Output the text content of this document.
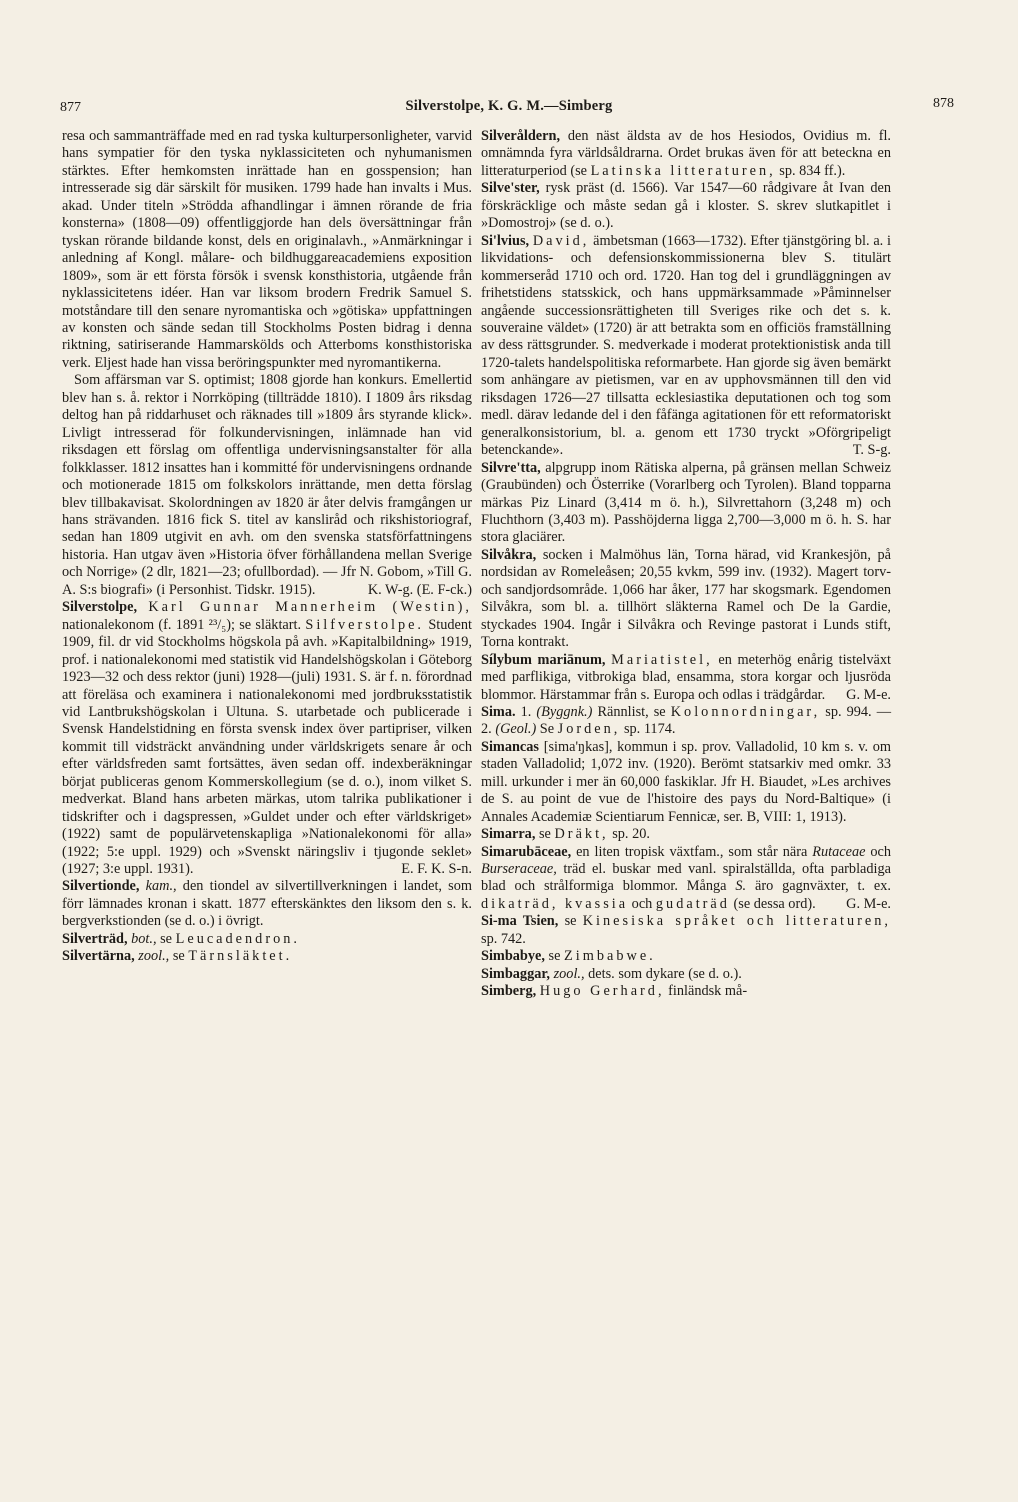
877	Silverstolpe, K. G. M.—Simberg	878

resa och sammanträffade med en rad tyska kulturpersonligheter, varvid hans sympatier för den tyska nyklassiciteten och nyhumanismen stärktes. Efter hemkomsten inrättade han en gosspension; han intresserade sig där särskilt för musiken. 1799 hade han invalts i Mus. akad. Under titeln »Strödda afhandlingar i ämnen rörande de fria konsterna» (1808—09) offentliggjorde han dels översättningar från tyskan rörande bildande konst, dels en originalavh., »Anmärkningar i anledning af Kongl. målare- och bildhuggareacademiens exposition 1809», som är ett första försök i svensk konsthistoria, utgående från nyklassicitetens idéer. Han var liksom brodern Fredrik Samuel S. motståndare till den senare nyromantiska och »götiska» uppfattningen av konsten och sände sedan till Stockholms Posten bidrag i denna riktning, satiriserande Hammarskölds och Atterboms konsthistoriska verk. Eljest hade han vissa beröringspunkter med nyromantikerna.

Som affärsman var S. optimist; 1808 gjorde han konkurs. Emellertid blev han s. å. rektor i Norrköping (tillträdde 1810). I 1809 års riksdag deltog han på riddarhuset och räknades till »1809 års styrande klick». Livligt intresserad för folkundervisningen, inlämnade han vid riksdagen ett förslag om offentliga undervisningsanstalter för alla folkklasser. 1812 insattes han i kommitté för undervisningens ordnande och motionerade 1815 om folkskolors inrättande, men detta förslag blev tillbakavisat. Skolordningen av 1820 är åter delvis framgången ur hans strävanden. 1816 fick S. titel av kansliråd och rikshistoriograf, sedan han 1809 utgivit en avh. om den svenska statsförfattningens historia. Han utgav även »Historia öfver förhållandena mellan Sverige och Norrige» (2 dlr, 1821—23; ofullbordad). — Jfr N. Gobom, »Till G. A. S:s biografi» (i Personhist. Tidskr. 1915).	K. W-g. (E. F-ck.)

Silverstolpe, Karl Gunnar Mannerheim (Westin), nationalekonom (f. 1891 ²³/₅); se släktart. Silfverstolpe. Student 1909, fil. dr vid Stockholms högskola på avh. »Kapitalbildning» 1919, prof. i nationalekonomi med statistik vid Handelshögskolan i Göteborg 1923—32 och dess rektor (juni) 1928—(juli) 1931. S. är f. n. förordnad att föreläsa och examinera i nationalekonomi med jordbruksstatistik vid Lantbrukshögskolan i Ultuna. S. utarbetade och publicerade i Svensk Handelstidning en första svensk index över partipriser, vilken kommit till vidsträckt användning under världskrigets senare år och efter världsfreden samt fortsättes, även sedan off. indexberäkningar börjat publiceras genom Kommerskollegium (se d. o.), inom vilket S. medverkat. Bland hans arbeten märkas, utom talrika publikationer i tidskrifter och i dagspressen, »Guldet under och efter världskriget» (1922) samt de populärvetenskapliga »Nationalekonomi för alla» (1922; 5:e uppl. 1929) och »Svenskt näringsliv i tjugonde seklet» (1927; 3:e uppl. 1931).	E. F. K. S-n.

Silvertionde, kam., den tiondel av silvertillverkningen i landet, som förr lämnades kronan i skatt. 1877 efterskänktes den liksom den s. k. bergverkstionden (se d. o.) i övrigt.

Silverträd, bot., se Leucadendron.

Silvertärna, zool., se Tärnsläktet.

Silveråldern, den näst äldsta av de hos Hesiodos, Ovidius m. fl. omnämnda fyra världsåldrarna. Ordet brukas även för att beteckna en litteraturperiod (se Latinska litteraturen, sp. 834 ff.).

Silve'ster, rysk präst (d. 1566). Var 1547—60 rådgivare åt Ivan den förskräcklige och måste sedan gå i kloster. S. skrev slutkapitlet i »Domostroj» (se d. o.).

Si'lvius, David, ämbetsman (1663—1732). Efter tjänstgöring bl. a. i likvidations- och defensionskommissionerna blev S. titulärt kommerseråd 1710 och ord. 1720. Han tog del i grundläggningen av frihetstidens statsskick, och hans uppmärksammade »Påminnelser angående successionsrättigheten till Sveriges rike och det s. k. souveraine väldet» (1720) är att betrakta som en officiös framställning av dess rättsgrunder. S. medverkade i moderat protektionistisk anda till 1720-talets handelspolitiska reformarbete. Han gjorde sig även bemärkt som anhängare av pietismen, var en av upphovsmännen till den vid riksdagen 1726—27 tillsatta ecklesiastika deputationen och tog som medl. därav ledande del i den fåfänga agitationen för ett reformatoriskt generalkonsistorium, bl. a. genom ett 1730 tryckt »Oförgripeligt betenckande».	T. S-g.

Silvre'tta, alpgrupp inom Rätiska alperna, på gränsen mellan Schweiz (Graubünden) och Österrike (Vorarlberg och Tyrolen). Bland topparna märkas Piz Linard (3,414 m ö. h.), Silvrettahorn (3,248 m) och Fluchthorn (3,403 m). Passhöjderna ligga 2,700—3,000 m ö. h. S. har stora glaciärer.

Silvåkra, socken i Malmöhus län, Torna härad, vid Krankesjön, på nordsidan av Romeleåsen; 20,55 kvkm, 599 inv. (1932). Magert torv- och sandjordsområde. 1,066 har åker, 177 har skogsmark. Egendomen Silvåkra, som bl. a. tillhört släkterna Ramel och De la Gardie, styckades 1904. Ingår i Silvåkra och Revinge pastorat i Lunds stift, Torna kontrakt.

Sílybum mariānum, Mariatistel, en meterhög enårig tistelväxt med parflikiga, vitbrokiga blad, ensamma, stora korgar och ljusröda blommor. Härstammar från s. Europa och odlas i trädgårdar. G. M-e.

Sima. 1. (Byggnk.) Rännlist, se Kolonnordningar, sp. 994. — 2. (Geol.) Se Jorden, sp. 1174.

Simancas [sima'ŋkas], kommun i sp. prov. Valladolid, 10 km s. v. om staden Valladolid; 1,072 inv. (1920). Berömt statsarkiv med omkr. 33 mill. urkunder i mer än 60,000 faskiklar. Jfr H. Biaudet, »Les archives de S. au point de vue de l'histoire des pays du Nord-Baltique» (i Annales Academiæ Scientiarum Fennicæ, ser. B, VIII: 1, 1913).

Simarra, se Dräkt, sp. 20.

Simarubāceae, en liten tropisk växtfam., som står nära Rutaceae och Burseraceae, träd el. buskar med vanl. spiralställda, ofta parbladiga blad och strålformiga blommor. Många S. äro gagnväxter, t. ex. dikaträd, kvassia och gudaträd (se dessa ord). G. M-e.

Si-ma Tsien, se Kinesiska språket och litteraturen, sp. 742.

Simbabye, se Zimbabwe.

Simbaggar, zool., dets. som dykare (se d. o.).

Simberg, Hugo Gerhard, finländsk må-
